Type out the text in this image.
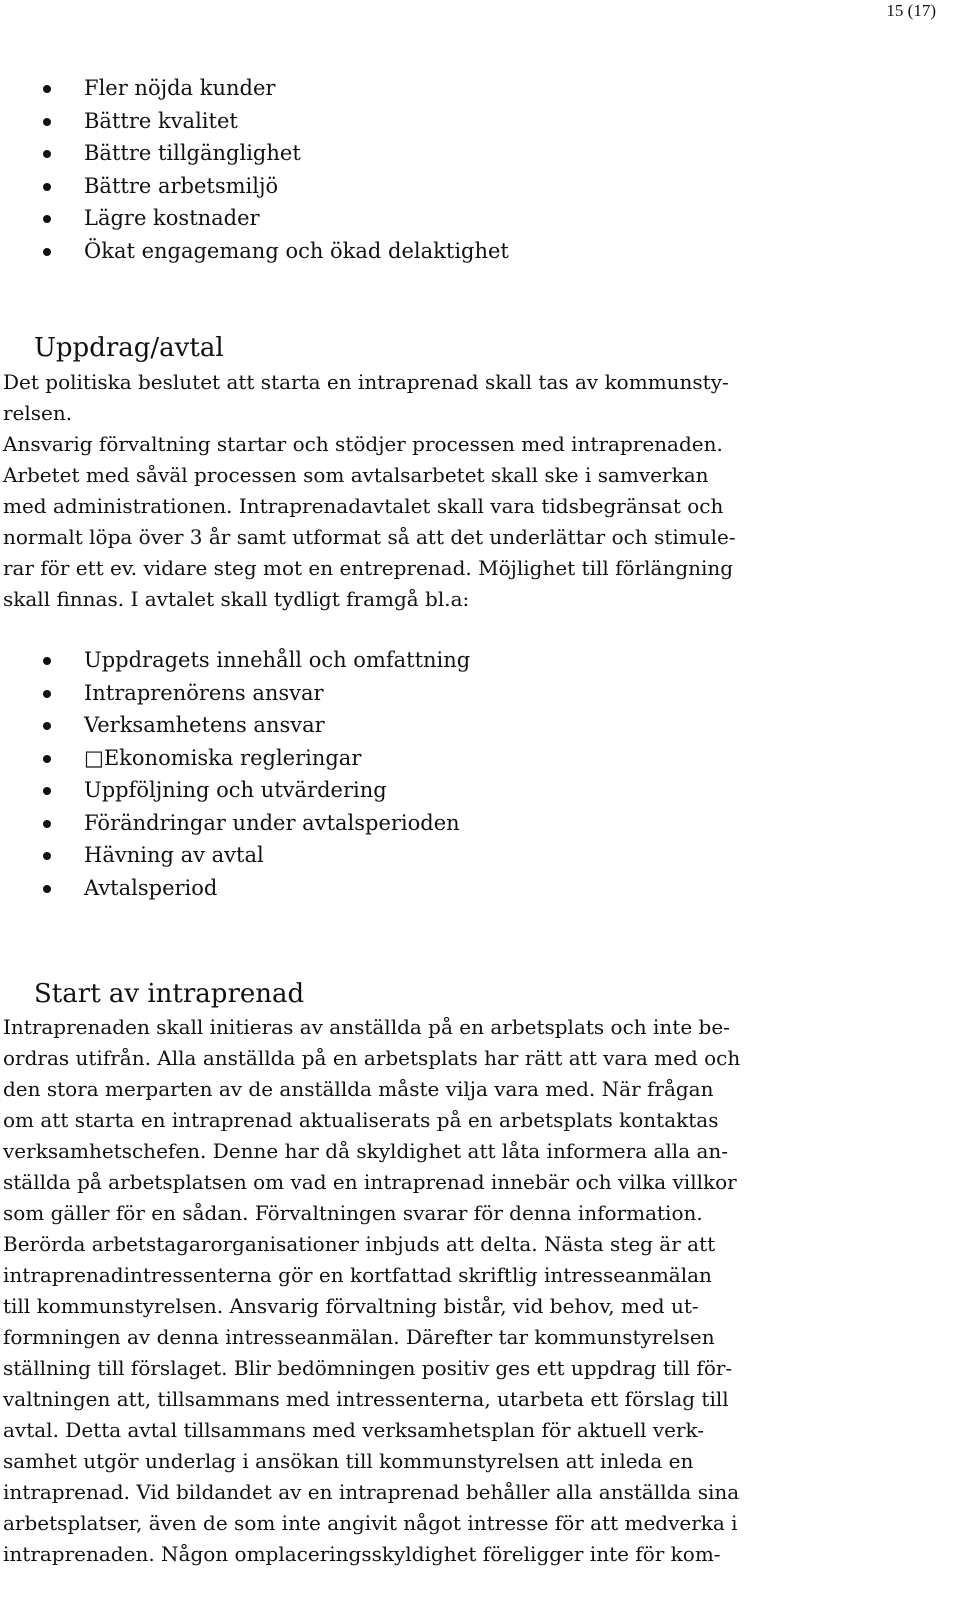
15 (17)
Fler nöjda kunder
Bättre kvalitet
Bättre tillgänglighet
Bättre arbetsmiljö
Lägre kostnader
Ökat engagemang och ökad delaktighet
Uppdrag/avtal
Det politiska beslutet att starta en intraprenad skall tas av kommunsty-
relsen.
Ansvarig förvaltning startar och stödjer processen med intraprenaden.
Arbetet med såväl processen som avtalsarbetet skall ske i samverkan
med administrationen. Intraprenadavtalet skall vara tidsbegränsat och
normalt löpa över 3 år samt utformat så att det underlättar och stimule-
rar för ett ev. vidare steg mot en entreprenad. Möjlighet till förlängning
skall finnas. I avtalet skall tydligt framgå bl.a:
Uppdragets innehåll och omfattning
Intraprenörens ansvar
Verksamhetens ansvar
□Ekonomiska regleringar
Uppföljning och utvärdering
Förändringar under avtalsperioden
Hävning av avtal
Avtalsperiod
Start av intraprenad
Intraprenaden skall initieras av anställda på en arbetsplats och inte be-
ordras utifrån. Alla anställda på en arbetsplats har rätt att vara med och
den stora merparten av de anställda måste vilja vara med. När frågan
om att starta en intraprenad aktualiserats på en arbetsplats kontaktas
verksamhetschefen. Denne har då skyldighet att låta informera alla an-
ställda på arbetsplatsen om vad en intraprenad innebär och vilka villkor
som gäller för en sådan. Förvaltningen svarar för denna information.
Berörda arbetstagarorganisationer inbjuds att delta. Nästa steg är att
intraprenadintressenterna gör en kortfattad skriftlig intresseanmälan
till kommunstyrelsen. Ansvarig förvaltning bistår, vid behov, med ut-
formningen av denna intresseanmälan. Därefter tar kommunstyrelsen
ställning till förslaget. Blir bedömningen positiv ges ett uppdrag till för-
valtningen att, tillsammans med intressenterna, utarbeta ett förslag till
avtal. Detta avtal tillsammans med verksamhetsplan för aktuell verk-
samhet utgör underlag i ansökan till kommunstyrelsen att inleda en
intraprenad. Vid bildandet av en intraprenad behåller alla anställda sina
arbetsplatser, även de som inte angivit något intresse för att medverka i
intraprenaden. Någon omplaceringsskyldighet föreligger inte för kom-
